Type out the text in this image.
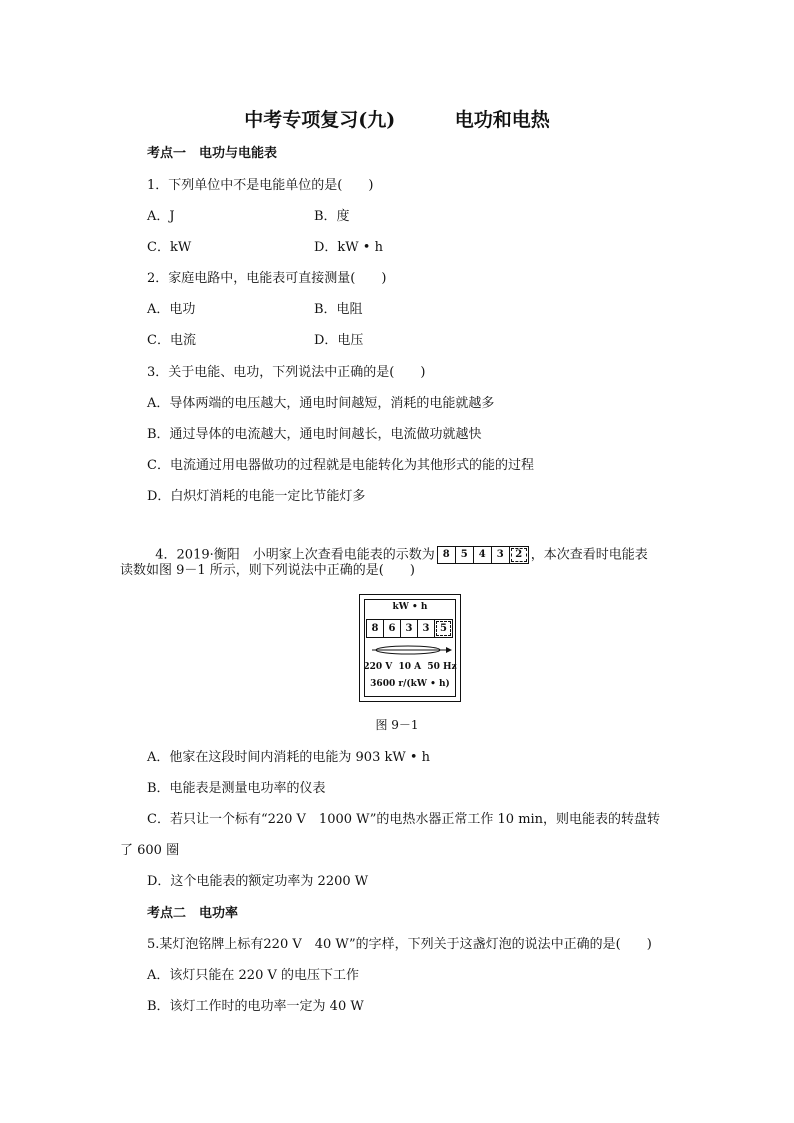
中考专项复习(九)         电功和电热
考点一　电功与电能表
1．下列单位中不是电能单位的是(　　)
A．J	B．度
C．kW	D．kW • h
2．家庭电路中，电能表可直接测量(　　)
A．电功	B．电阻
C．电流	D．电压
3．关于电能、电功，下列说法中正确的是(　　)
A．导体两端的电压越大，通电时间越短，消耗的电能就越多
B．通过导体的电流越大，通电时间越长，电流做功就越快
C．电流通过用电器做功的过程就是电能转化为其他形式的能的过程
D．白炽灯消耗的电能一定比节能灯多

4．2019·衡阳　小明家上次查看电能表的示数为 8	5	4	3	2 ，本次查看时电能表

读数如图 9－1 所示，则下列说法中正确的是(　　)
kW • h
8	6	3	3	5
220 V  10 A  50 Hz
3600 r/(kW • h)
图 9－1
A．他家在这段时间内消耗的电能为 903 kW • h
B．电能表是测量电功率的仪表
C．若只让一个标有“220 V　1000 W”的电热水器正常工作 10 min，则电能表的转盘转
了 600 圈
D．这个电能表的额定功率为 2200 W
考点二　电功率
5.某灯泡铭牌上标有220 V　40 W”的字样，下列关于这盏灯泡的说法中正确的是(　　)
A．该灯只能在 220 V 的电压下工作
B．该灯工作时的电功率一定为 40 W
